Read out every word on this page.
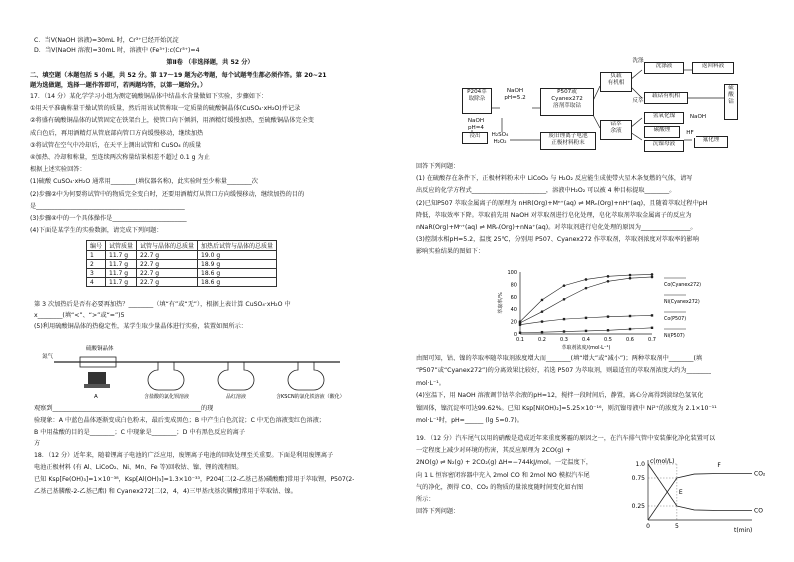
C．当V(NaOH 溶液)=30mL 时，Cr³⁺已经开始沉淀
D．当V(NaOH 溶液)=30mL 时，溶液中 (Fe³⁺):c(Cr³⁺)=4
第Ⅱ卷 （非选择题，共 52 分）
二、填空题（本题包括 5 小题，共 52 分。第 17～19 题为必考题，每个试题考生都必须作答。第 20~21
题为选做题，选择一题作答即可，若两题均答，以第一题给分。）
17．（14 分）某化学学习小组为测定硫酸铜晶体中结晶水含量做如下实验，步骤如下：
①用天平准确称量干燥试管的质量，然后用该试管称取一定质量的硫酸铜晶体(CuSO₄·xH₂O)并记录
②将盛有硫酸铜晶体的试管固定在铁架台上，使管口向下倾斜，用酒精灯缓慢加热，至硫酸铜晶体完全变
成白色后，再用酒精灯从管底部向管口方向缓慢移动，继续加热
③将试管在空气中冷却后，在天平上测出试管和 CuSO₄ 的质量
④加热、冷却和称量，至连续两次称量结果相差不超过 0.1 g 为止
根据上述实验回答：
(1)硫酸 CuSO₄·xH₂O 通常用________(填仪器名称)，此实验时至少称量________次
(2)步骤②中为何要将试管中的物质完全变白时，还要用酒精灯从管口方向缓慢移动，继续加热的目的
是________________________________________________
(3)步骤④中的一个具体操作是________________________
(4)下面是某学生的实验数据，请完成下列问题：
编号	试管质量	试管与晶体的总质量	加热后试管与晶体的总质量
1	11.7 g	22.7 g	19.0 g
2	11.7 g	22.7 g	18.9 g
3	11.7 g	22.7 g	18.6 g
4	11.7 g	22.7 g	18.6 g
第 3 次加热后是否有必要再加热？________（填“有”或“无”），根据上表计算 CuSO₄·xH₂O 中
x________(填“<”、“>”或“=”)5
(5)利用硫酸铜晶体的热稳定性，某学生取少量晶体进行实验，装置如图所示：
氮气
硫酸铜晶体
A	含盐酸的氯化钡溶液	品红溶液	含KSCN的氯化铁溶液（酸化）
观察到________________________________________________的现
验现象：A 中蓝色晶体逐渐变成白色粉末，最后变成黑色；B 中产生白色沉淀；C 中无色溶液变红色溶液；
B 中用盐酸的目的是________；C 中现象是________；D 中有黑色反应的离子
方
18．（12 分）近年来，随着锂离子电池的广泛应用，废锂离子电池的回收处理至关重要。下面是利用废锂离子
电池正极材料 (有 Al、LiCoO₂、Ni、Mn、Fe 等)回收钴、镍、锂的流程图。
已知 Ksp[Fe(OH)₃]=1×10⁻³⁸，Ksp[Al(OH)₃]=1.3×10⁻³³，P204[二(2-乙基己基)磷酸酯]常用于萃取锂，P507(2-
乙基己基膦酸-2-乙基己酯) 和 Cyanex272[二(2，4，4)三甲基戊基次膦酸]常用于萃取钴、镍。
P204萃
取除杂
NaOH
pH=5.2
P507或
Cyanex272
溶剂萃取钴
负载
有机相
钴萃
余液
洗涤液	返回料液
载钴有机相
硫
酸
钴
氢氧化镍
碳酸锂
沉镍母液
氟化锂
浸出
NaOH
pH=4
H₂SO₄
H₂O₂
废旧锂离子电池
正极材料粉末
洗涤
反萃
NaOH
HF
回答下列问题：
(1) 在硫酸存在条件下，正极材料粉末中 LiCoO₂ 与 H₂O₂ 反应能生成使带火星木条复燃的气体，请写
出反应的化学方程式________________________，溶液中H₂O₂ 可以被 4 种目标提取________。
(2)已知P507 萃取金属离子的原理为 nHR(Org)+Mⁿ⁺(aq) ⇌ MRₙ(Org)+nH⁺(aq)，且随着萃取过程中pH
降低，萃取效率下降。萃取前先用 NaOH 对萃取剂进行皂化处理，皂化萃取剂萃取金属离子的反应为
nNaR(Org)+Mⁿ⁺(aq) ⇌ MRₙ(Org)+nNa⁺(aq)。对萃取剂进行皂化处理的原因为________________。
(3)控制水相pH=5.2，温度 25℃，分别用 P507、Cyanex272 作萃取剂，萃取剂浓度对萃取率的影响
影响实验结果的图如下：
0
20
40
60
80
100
0.1	0.2	0.3	0.4	0.5	0.6	0.7
萃取剂浓度/(mol·L⁻¹)
萃取率/%
Co(Cyanex272)
Ni(Cyanex272)
Co(P507)
Ni(P507)
由图可知，钴、镍的萃取率随萃取剂浓度增大而________(填“增大”或“减小”)；两种萃取剂中________(填
“P507”或“Cyanex272”)的分离效果比较好，若选 P507 为萃取剂，则最适宜的萃取剂浓度大约为________
mol·L⁻¹。
(4)室温下，用 NaOH 溶液调节钴萃余液的pH=12，搅拌一段时间后，静置，离心分离得到淡绿色氢氧化
镍固体，镍沉淀率可达99.62%。已知 Ksp[Ni(OH)₂]=5.25×10⁻¹⁶，则沉镍母液中 Ni²⁺的浓度为 2.1×10⁻¹¹
mol·L⁻¹时，pH=______ (lg 5=0.7)。
19．（12 分）汽车尾气以用的硝酸是造成近年来重度雾霾的原因之一，在汽车排气管中安装催化净化装置可以
一定程度上减少对环境的伤害，其反应原理为 2CO(g) +
2NO(g) ⇌ N₂(g) + 2CO₂(g) ΔH=−744kJ/mol。一定温度下，
向 1 L 恒容密闭容器中充入 2mol CO 和 2mol NO 模拟汽车尾
气的净化，测得 CO、CO₂ 的物质的量浓度随时间变化如右图
所示：
回答下列问题：
c(mol/L)
t(min)
0.25
0.75
1.0
0	5
CO₂
CO
E
F
